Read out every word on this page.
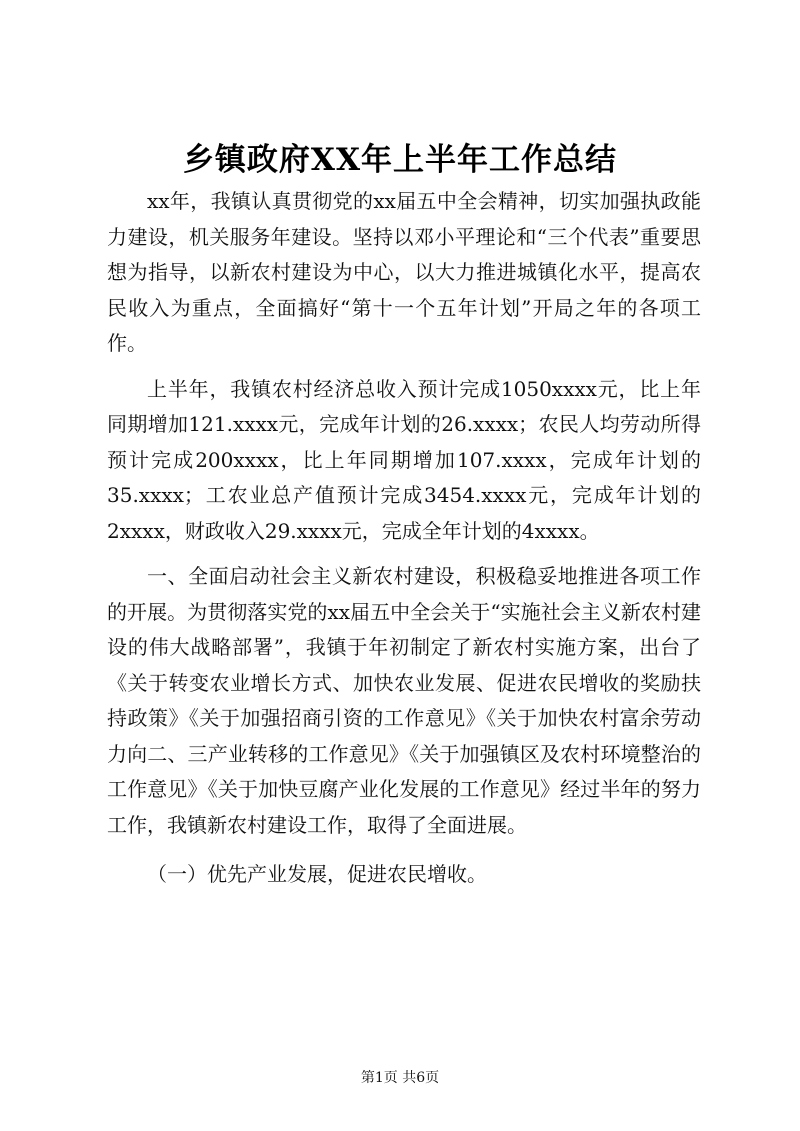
乡镇政府XX年上半年工作总结

xx年，我镇认真贯彻党的xx届五中全会精神，切实加强执政能力建设，机关服务年建设。坚持以邓小平理论和“三个代表”重要思想为指导，以新农村建设为中心，以大力推进城镇化水平，提高农民收入为重点，全面搞好“第十一个五年计划”开局之年的各项工作。

上半年，我镇农村经济总收入预计完成1050xxxx元，比上年同期增加121.xxxx元，完成年计划的26.xxxx；农民人均劳动所得预计完成200xxxx，比上年同期增加107.xxxx，完成年计划的35.xxxx；工农业总产值预计完成3454.xxxx元，完成年计划的2xxxx，财政收入29.xxxx元，完成全年计划的4xxxx。

一、全面启动社会主义新农村建设，积极稳妥地推进各项工作的开展。为贯彻落实党的xx届五中全会关于“实施社会主义新农村建设的伟大战略部署”，我镇于年初制定了新农村实施方案，出台了《关于转变农业增长方式、加快农业发展、促进农民增收的奖励扶持政策》《关于加强招商引资的工作意见》《关于加快农村富余劳动力向二、三产业转移的工作意见》《关于加强镇区及农村环境整治的工作意见》《关于加快豆腐产业化发展的工作意见》经过半年的努力工作，我镇新农村建设工作，取得了全面进展。

（一）优先产业发展，促进农民增收。

第1页 共6页
